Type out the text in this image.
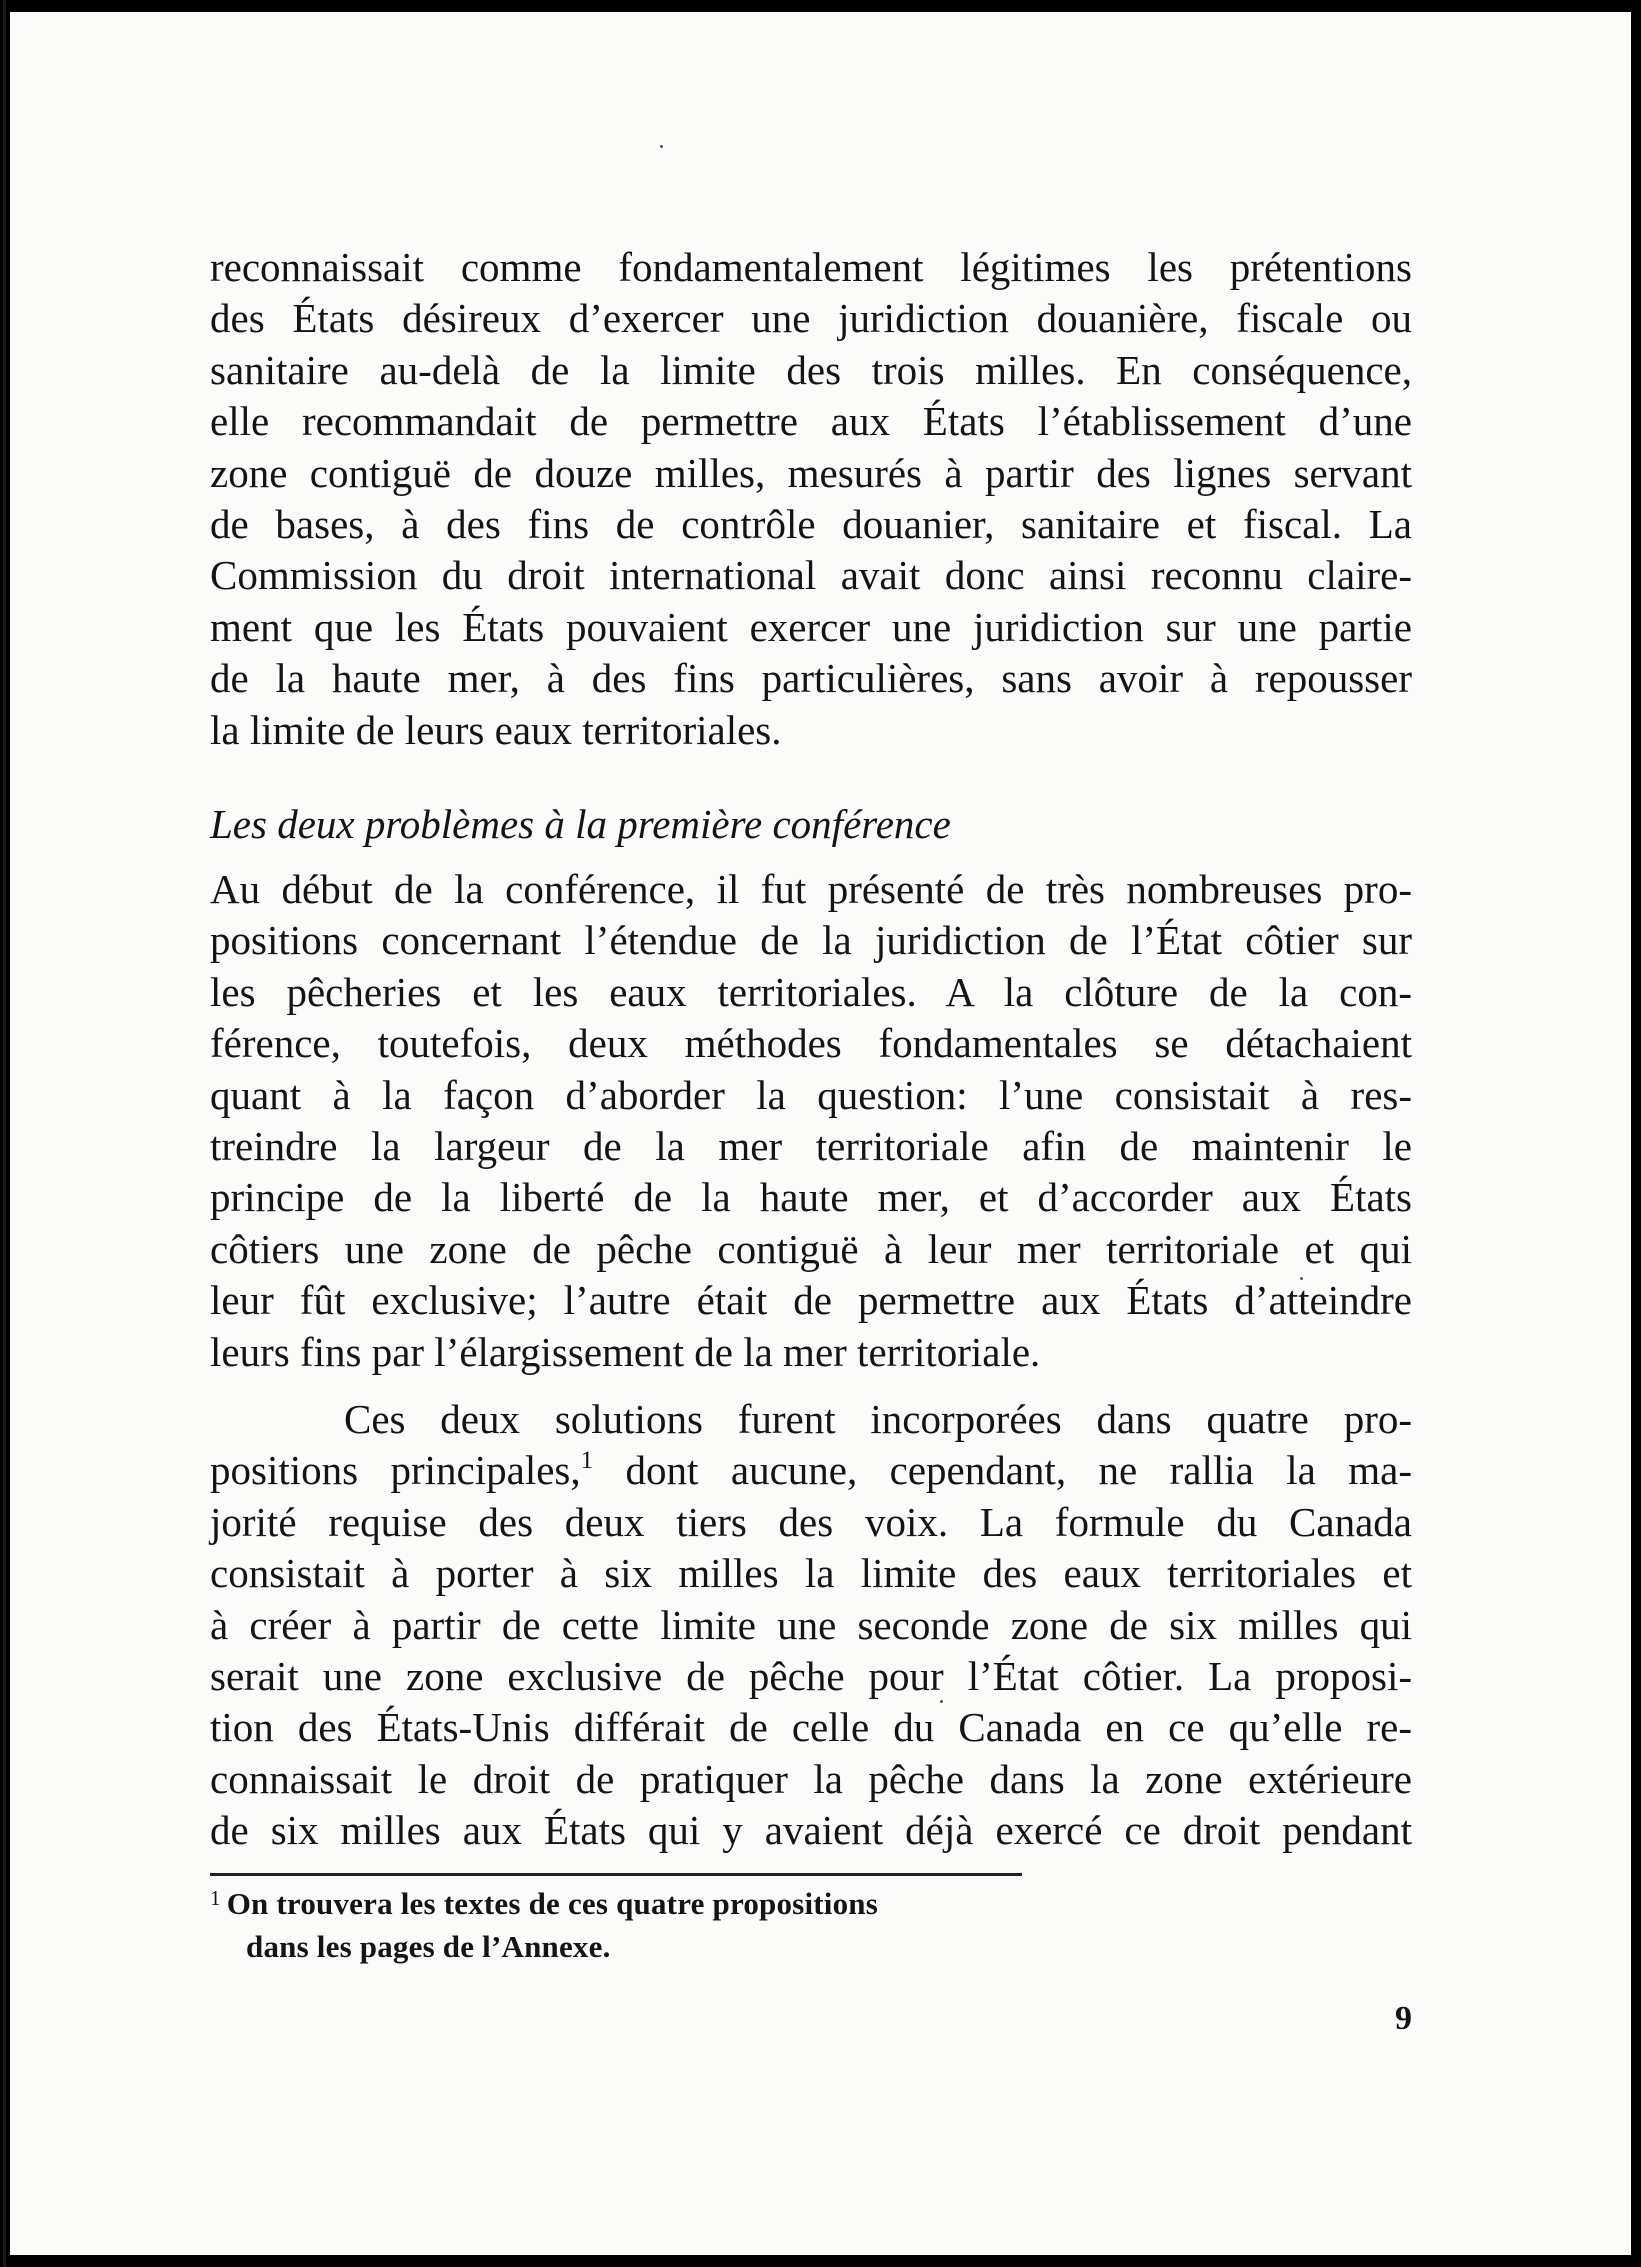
reconnaissait comme fondamentalement légitimes les prétentions

des États désireux d’exercer une juridiction douanière, fiscale ou

sanitaire au-delà de la limite des trois milles. En conséquence,

elle recommandait de permettre aux États l’établissement d’une

zone contiguë de douze milles, mesurés à partir des lignes servant

de bases, à des fins de contrôle douanier, sanitaire et fiscal. La

Commission du droit international avait donc ainsi reconnu claire-

ment que les États pouvaient exercer une juridiction sur une partie

de la haute mer, à des fins particulières, sans avoir à repousser

la limite de leurs eaux territoriales.

Les deux problèmes à la première conférence

Au début de la conférence, il fut présenté de très nombreuses pro-

positions concernant l’étendue de la juridiction de l’État côtier sur

les pêcheries et les eaux territoriales. A la clôture de la con-

férence, toutefois, deux méthodes fondamentales se détachaient

quant à la façon d’aborder la question: l’une consistait à res-

treindre la largeur de la mer territoriale afin de maintenir le

principe de la liberté de la haute mer, et d’accorder aux États

côtiers une zone de pêche contiguë à leur mer territoriale et qui

leur fût exclusive; l’autre était de permettre aux États d’atteindre

leurs fins par l’élargissement de la mer territoriale.

Ces deux solutions furent incorporées dans quatre pro-

positions principales,$^1$ dont aucune, cependant, ne rallia la ma-

jorité requise des deux tiers des voix. La formule du Canada

consistait à porter à six milles la limite des eaux territoriales et

à créer à partir de cette limite une seconde zone de six milles qui

serait une zone exclusive de pêche pour l’État côtier. La proposi-

tion des États-Unis différait de celle du Canada en ce qu’elle re-

connaissait le droit de pratiquer la pêche dans la zone extérieure

de six milles aux États qui y avaient déjà exercé ce droit pendant

$^1$ On trouvera les textes de ces quatre propositions
dans les pages de l’Annexe.
9
